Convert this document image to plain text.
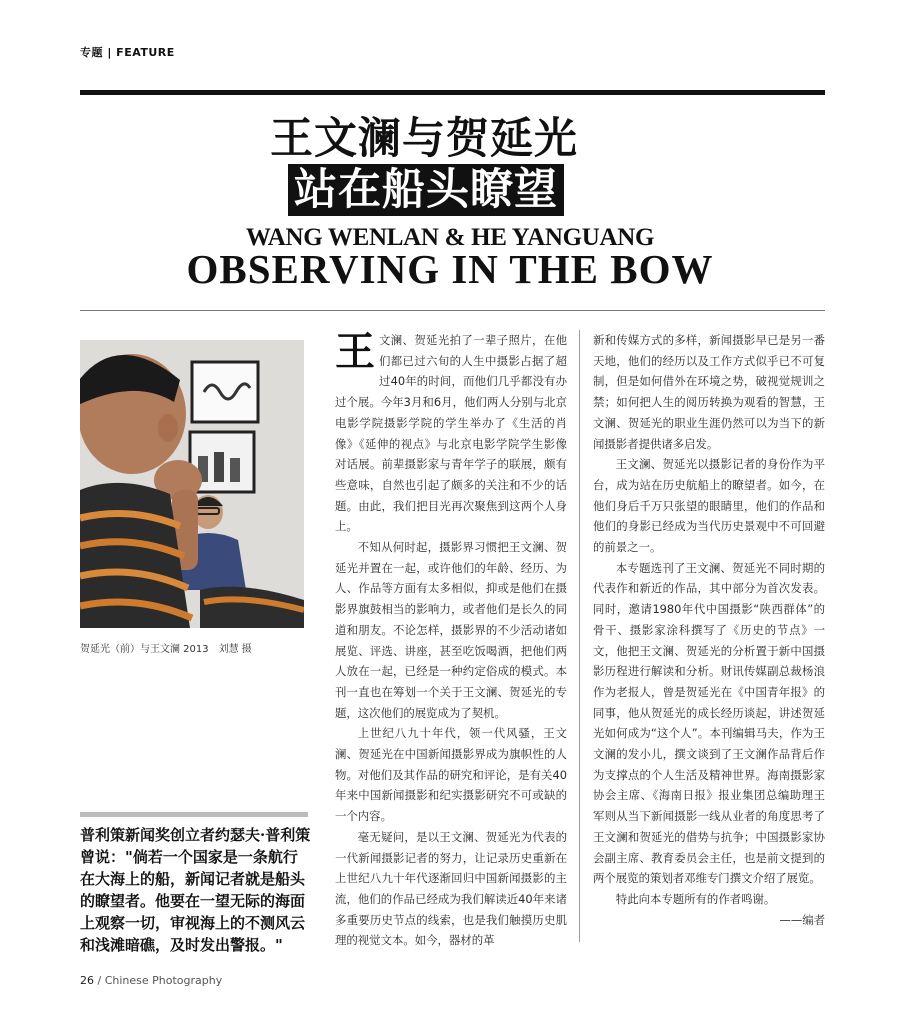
专题 | FEATURE
王文澜与贺延光
站在船头瞭望
WANG WENLAN & HE YANGUANG
OBSERVING IN THE BOW
贺延光（前）与王文澜 2013　刘慧 摄
普利策新闻奖创立者约瑟夫·普利策曾说："倘若一个国家是一条航行在大海上的船，新闻记者就是船头的瞭望者。他要在一望无际的海面上观察一切，审视海上的不测风云和浅滩暗礁，及时发出警报。"

王文澜、贺延光拍了一辈子照片，在他们都已过六旬的人生中摄影占据了超过40年的时间，而他们几乎都没有办过个展。今年3月和6月，他们两人分别与北京电影学院摄影学院的学生举办了《生活的肖像》《延伸的视点》与北京电影学院学生影像对话展。前辈摄影家与青年学子的联展，颇有些意味，自然也引起了颇多的关注和不少的话题。由此，我们把目光再次聚焦到这两个人身上。

不知从何时起，摄影界习惯把王文澜、贺延光并置在一起，或许他们的年龄、经历、为人、作品等方面有太多相似，抑或是他们在摄影界旗鼓相当的影响力，或者他们是长久的同道和朋友。不论怎样，摄影界的不少活动诸如展览、评选、讲座，甚至吃饭喝酒，把他们两人放在一起，已经是一种约定俗成的模式。本刊一直也在筹划一个关于王文澜、贺延光的专题，这次他们的展览成为了契机。

上世纪八九十年代，领一代风骚，王文澜、贺延光在中国新闻摄影界成为旗帜性的人物。对他们及其作品的研究和评论，是有关40年来中国新闻摄影和纪实摄影研究不可或缺的一个内容。

毫无疑问，是以王文澜、贺延光为代表的一代新闻摄影记者的努力，让记录历史重新在上世纪八九十年代逐渐回归中国新闻摄影的主流，他们的作品已经成为我们解读近40年来诸多重要历史节点的线索，也是我们触摸历史肌理的视觉文本。如今，器材的革

新和传媒方式的多样，新闻摄影早已是另一番天地，他们的经历以及工作方式似乎已不可复制，但是如何借外在环境之势，破视觉规训之禁；如何把人生的阅历转换为观看的智慧，王文澜、贺延光的职业生涯仍然可以为当下的新闻摄影者提供诸多启发。

王文澜、贺延光以摄影记者的身份作为平台，成为站在历史航船上的瞭望者。如今，在他们身后千万只张望的眼睛里，他们的作品和他们的身影已经成为当代历史景观中不可回避的前景之一。

本专题选刊了王文澜、贺延光不同时期的代表作和新近的作品，其中部分为首次发表。同时，邀请1980年代中国摄影“陕西群体”的骨干、摄影家涂科撰写了《历史的节点》一文，他把王文澜、贺延光的分析置于新中国摄影历程进行解读和分析。财讯传媒副总裁杨浪作为老报人，曾是贺延光在《中国青年报》的同事，他从贺延光的成长经历谈起，讲述贺延光如何成为“这个人”。本刊编辑马夫，作为王文澜的发小儿，撰文谈到了王文澜作品背后作为支撑点的个人生活及精神世界。海南摄影家协会主席、《海南日报》报业集团总编助理王军则从当下新闻摄影一线从业者的角度思考了王文澜和贺延光的借势与抗争；中国摄影家协会副主席、教育委员会主任，也是前文提到的两个展览的策划者邓维专门撰文介绍了展览。

特此向本专题所有的作者鸣谢。

——编者

26 / Chinese Photography
